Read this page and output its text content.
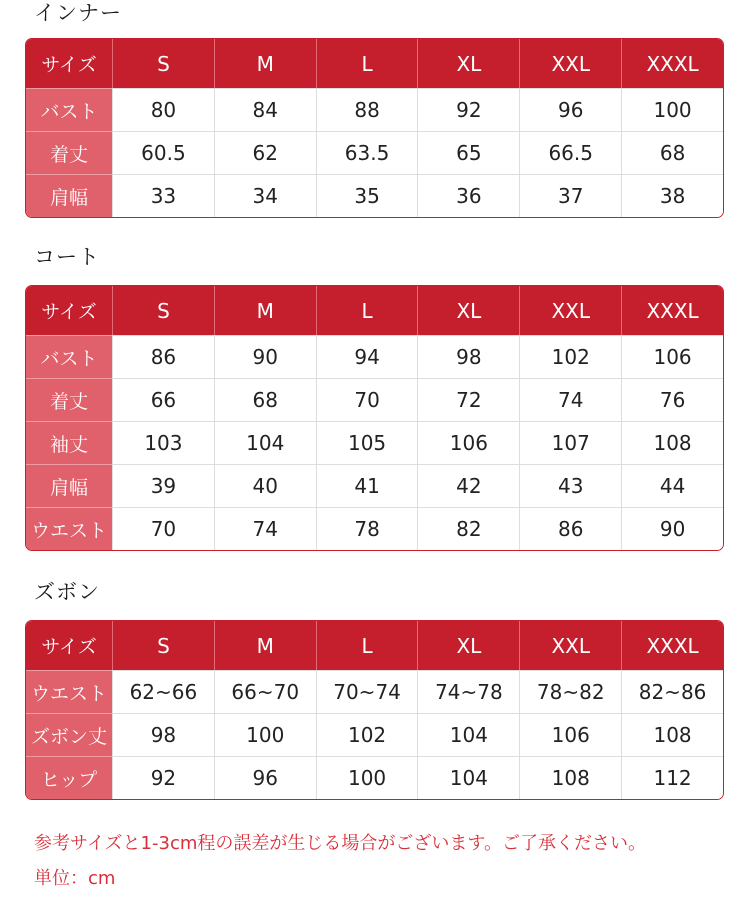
インナー
サイズ	S	M	L	XL	XXL	XXXL
バスト	80	84	88	92	96	100
着丈	60.5	62	63.5	65	66.5	68
肩幅	33	34	35	36	37	38
コート
サイズ	S	M	L	XL	XXL	XXXL
バスト	86	90	94	98	102	106
着丈	66	68	70	72	74	76
袖丈	103	104	105	106	107	108
肩幅	39	40	41	42	43	44
ウエスト	70	74	78	82	86	90
ズボン
サイズ	S	M	L	XL	XXL	XXXL
ウエスト	62~66	66~70	70~74	74~78	78~82	82~86
ズボン丈	98	100	102	104	106	108
ヒップ	92	96	100	104	108	112
参考サイズと1-3cm程の誤差が生じる場合がございます。ご了承ください。
単位：cm
